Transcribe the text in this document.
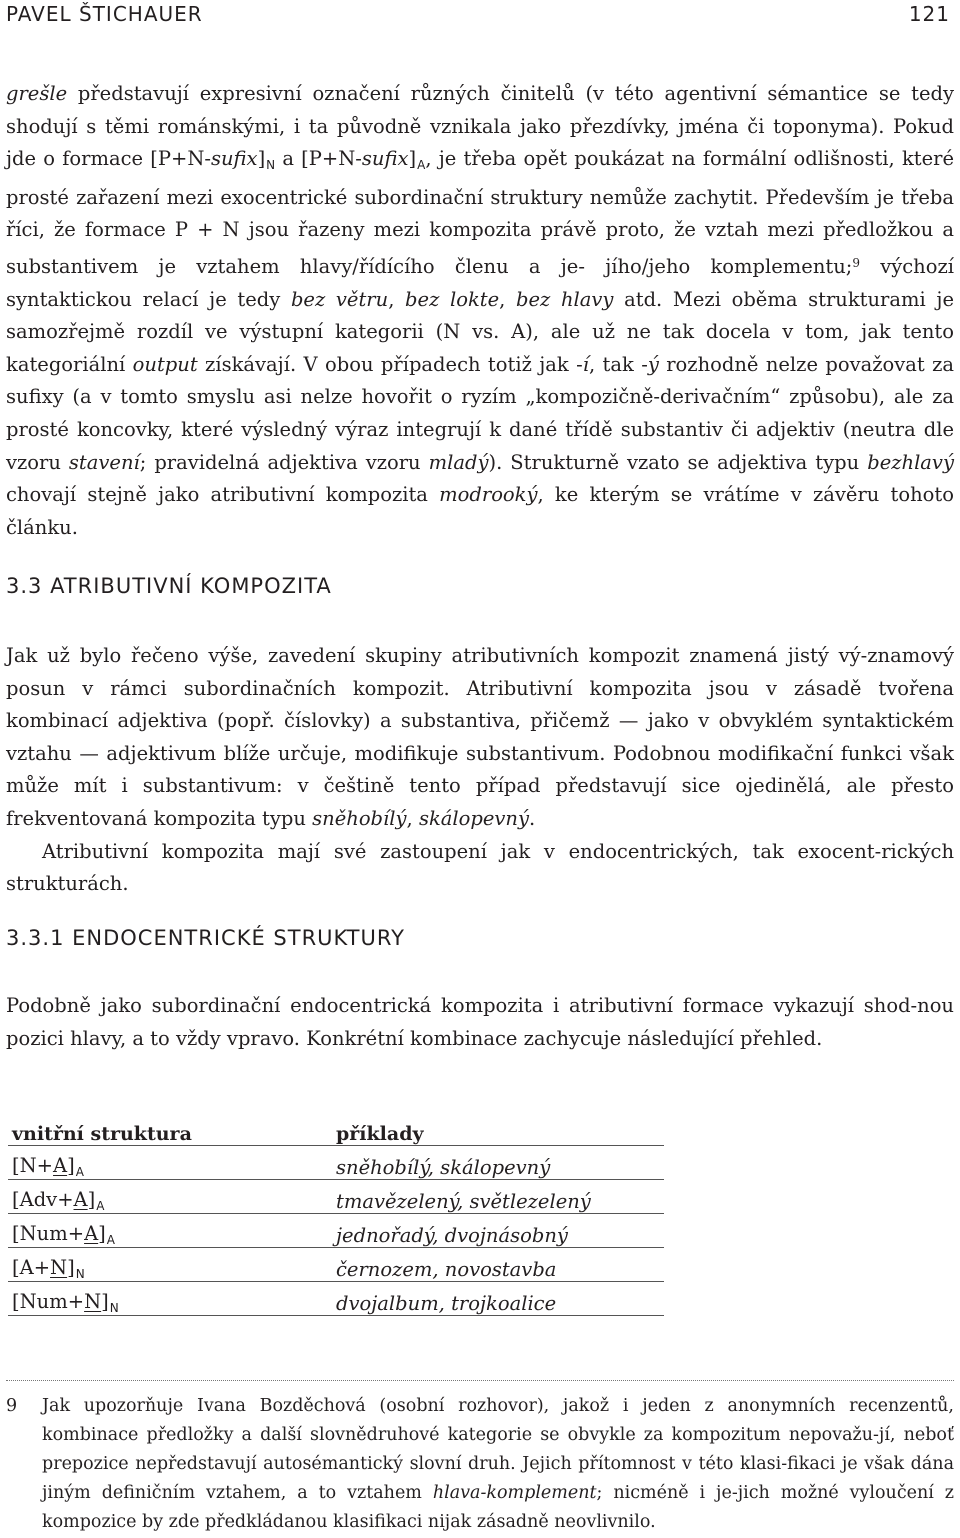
PAVEL ŠTICHAUER	121

grešle představují expresivní označení různých činitelů (v této agentivní sémantice se tedy shodují s těmi románskými, i ta původně vznikala jako přezdívky, jména či toponyma). Pokud jde o formace $[P+N-sufix]_N$ a $[P+N-sufix]_A$, je třeba opět poukázat na formální odlišnosti, které prosté zařazení mezi exocentrické subordinační struktury nemůže zachytit. Především je třeba říci, že formace P + N jsou řazeny mezi kompozita právě proto, že vztah mezi předložkou a substantivem je vztahem hlavy/řídícího členu a je- jího/jeho komplementu;$^9$ výchozí syntaktickou relací je tedy bez větru, bez lokte, bez hlavy atd. Mezi oběma strukturami je samozřejmě rozdíl ve výstupní kategorii (N vs. A), ale už ne tak docela v tom, jak tento kategoriální output získávají. V obou případech totiž jak -í, tak -ý rozhodně nelze považovat za sufixy (a v tomto smyslu asi nelze hovořit o ryzím „kompozičně-derivačním“ způsobu), ale za prosté koncovky, které výsledný výraz integrují k dané třídě substantiv či adjektiv (neutra dle vzoru stavení; pravidelná adjektiva vzoru mladý). Strukturně vzato se adjektiva typu bezhlavý chovají stejně jako atributivní kompozita modrooký, ke kterým se vrátíme v závěru tohoto článku.

3.3 ATRIBUTIVNÍ KOMPOZITA

Jak už bylo řečeno výše, zavedení skupiny atributivních kompozit znamená jistý vý-znamový posun v rámci subordinačních kompozit. Atributivní kompozita jsou v zásadě tvořena kombinací adjektiva (popř. číslovky) a substantiva, přičemž — jako v obvyklém syntaktickém vztahu — adjektivum blíže určuje, modifikuje substantivum. Podobnou modifikační funkci však může mít i substantivum: v češtině tento případ představují sice ojedinělá, ale přesto frekventovaná kompozita typu sněhobílý, skálopevný.

Atributivní kompozita mají své zastoupení jak v endocentrických, tak exocent-rických strukturách.

3.3.1 ENDOCENTRICKÉ STRUKTURY

Podobně jako subordinační endocentrická kompozita i atributivní formace vykazují shod-nou pozici hlavy, a to vždy vpravo. Konkrétní kombinace zachycuje následující přehled.

vnitřní struktura	příklady
$[N+A]_A$	sněhobílý, skálopevný
$[Adv+A]_A$	tmavězelený, světlezelený
$[Num+A]_A$	jednořadý, dvojnásobný
$[A+N]_N$	černozem, novostavba
$[Num+N]_N$	dvojalbum, trojkoalice
9 Jak upozorňuje Ivana Bozděchová (osobní rozhovor), jakož i jeden z anonymních recenzentů, kombinace předložky a další slovnědruhové kategorie se obvykle za kompozitum nepovažu-jí, neboť prepozice nepředstavují autosémantický slovní druh. Jejich přítomnost v této klasi-fikaci je však dána jiným definičním vztahem, a to vztahem hlava-komplement; nicméně i je-jich možné vyloučení z kompozice by zde předkládanou klasifikaci nijak zásadně neovlivnilo.
